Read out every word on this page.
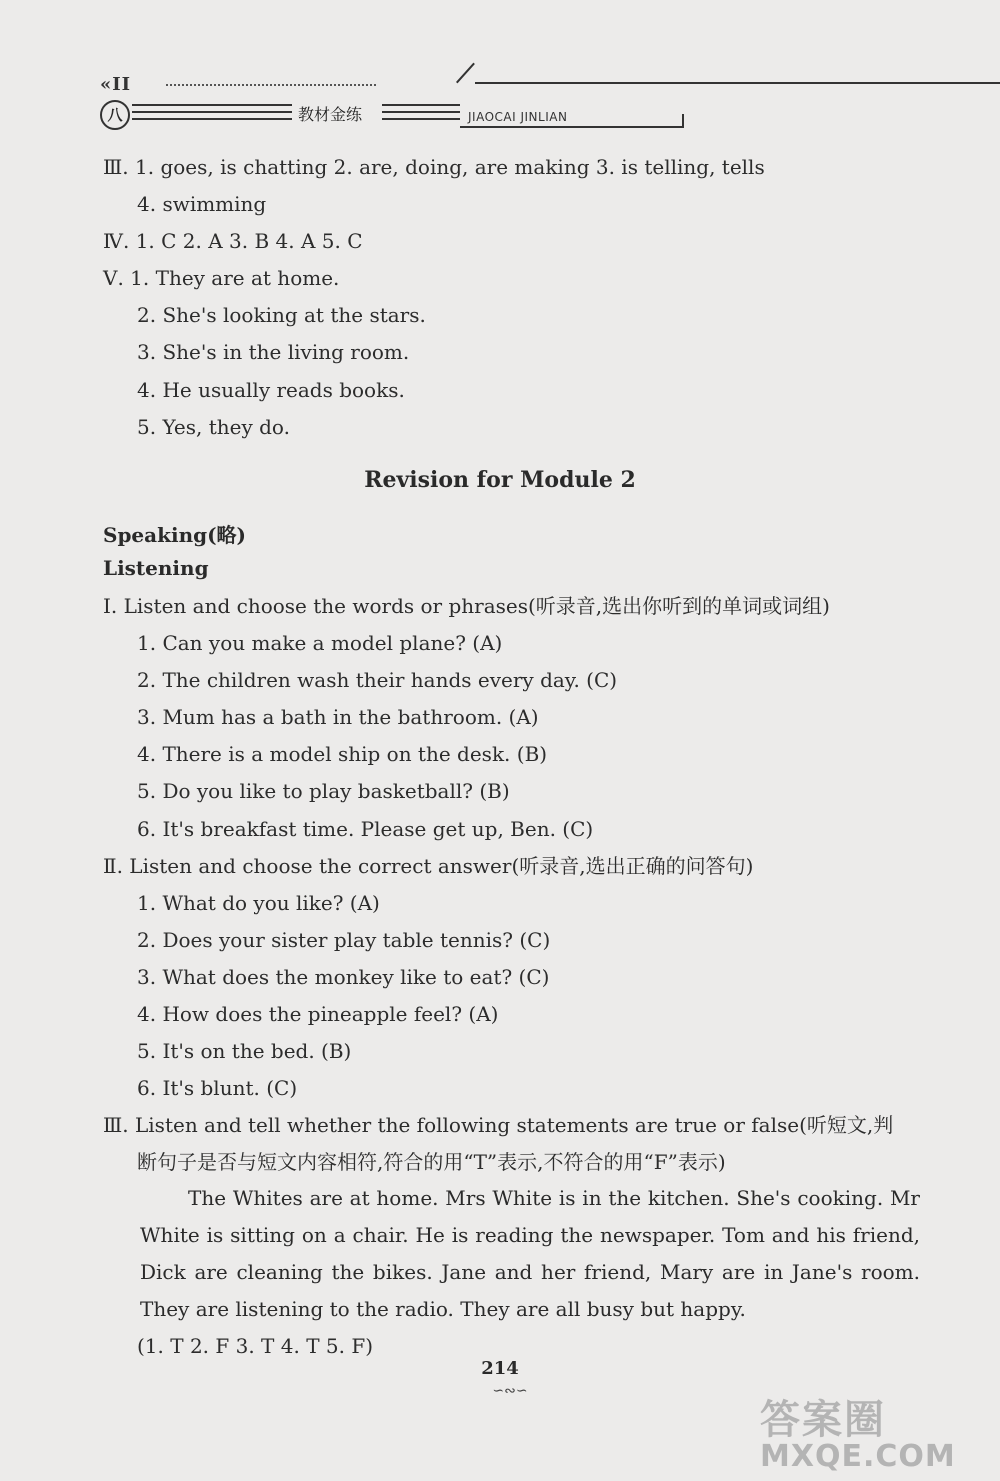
«II
八	教材金练	JIAOCAI JINLIAN
Ⅲ. 1. goes, is chatting 2. are, doing, are making 3. is telling, tells
4. swimming
Ⅳ. 1. C 2. A 3. B 4. A 5. C
Ⅴ. 1. They are at home.
2. She's looking at the stars.
3. She's in the living room.
4. He usually reads books.
5. Yes, they do.
Revision for Module 2
Speaking(略)
Listening
Ⅰ. Listen and choose the words or phrases(听录音,选出你听到的单词或词组)
1. Can you make a model plane? (A)
2. The children wash their hands every day. (C)
3. Mum has a bath in the bathroom. (A)
4. There is a model ship on the desk. (B)
5. Do you like to play basketball? (B)
6. It's breakfast time. Please get up, Ben. (C)
Ⅱ. Listen and choose the correct answer(听录音,选出正确的问答句)
1. What do you like? (A)
2. Does your sister play table tennis? (C)
3. What does the monkey like to eat? (C)
4. How does the pineapple feel? (A)
5. It's on the bed. (B)
6. It's blunt. (C)
Ⅲ. Listen and tell whether the following statements are true or false(听短文,判
断句子是否与短文内容相符,符合的用“T”表示,不符合的用“F”表示)
The Whites are at home. Mrs White is in the kitchen. She's cooking. Mr White is sitting on a chair. He is reading the newspaper. Tom and his friend, Dick are cleaning the bikes. Jane and her friend, Mary are in Jane's room. They are listening to the radio. They are all busy but happy.
(1. T 2. F 3. T 4. T 5. F)
214
∽∾∽
答案圈
MXQE.COM
